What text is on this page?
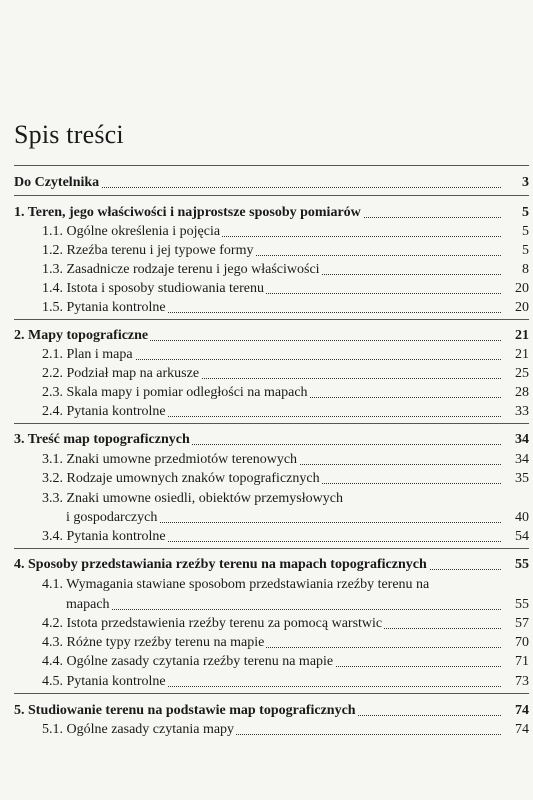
Spis treści
Do Czytelnika	3
1. Teren, jego właściwości i najprostsze sposoby pomiarów	5
1.1. Ogólne określenia i pojęcia	5
1.2. Rzeźba terenu i jej typowe formy	5
1.3. Zasadnicze rodzaje terenu i jego właściwości	8
1.4. Istota i sposoby studiowania terenu	20
1.5. Pytania kontrolne	20
2. Mapy topograficzne	21
2.1. Plan i mapa	21
2.2. Podział map na arkusze	25
2.3. Skala mapy i pomiar odległości na mapach	28
2.4. Pytania kontrolne	33
3. Treść map topograficznych	34
3.1. Znaki umowne przedmiotów terenowych	34
3.2. Rodzaje umownych znaków topograficznych	35
3.3. Znaki umowne osiedli, obiektów przemysłowych
i gospodarczych	40
3.4. Pytania kontrolne	54
4. Sposoby przedstawiania rzeźby terenu na mapach topograficznych	55
4.1. Wymagania stawiane sposobom przedstawiania rzeźby terenu na
mapach	55
4.2. Istota przedstawienia rzeźby terenu za pomocą warstwic	57
4.3. Różne typy rzeźby terenu na mapie	70
4.4. Ogólne zasady czytania rzeźby terenu na mapie	71
4.5. Pytania kontrolne	73
5. Studiowanie terenu na podstawie map topograficznych	74
5.1. Ogólne zasady czytania mapy	74
